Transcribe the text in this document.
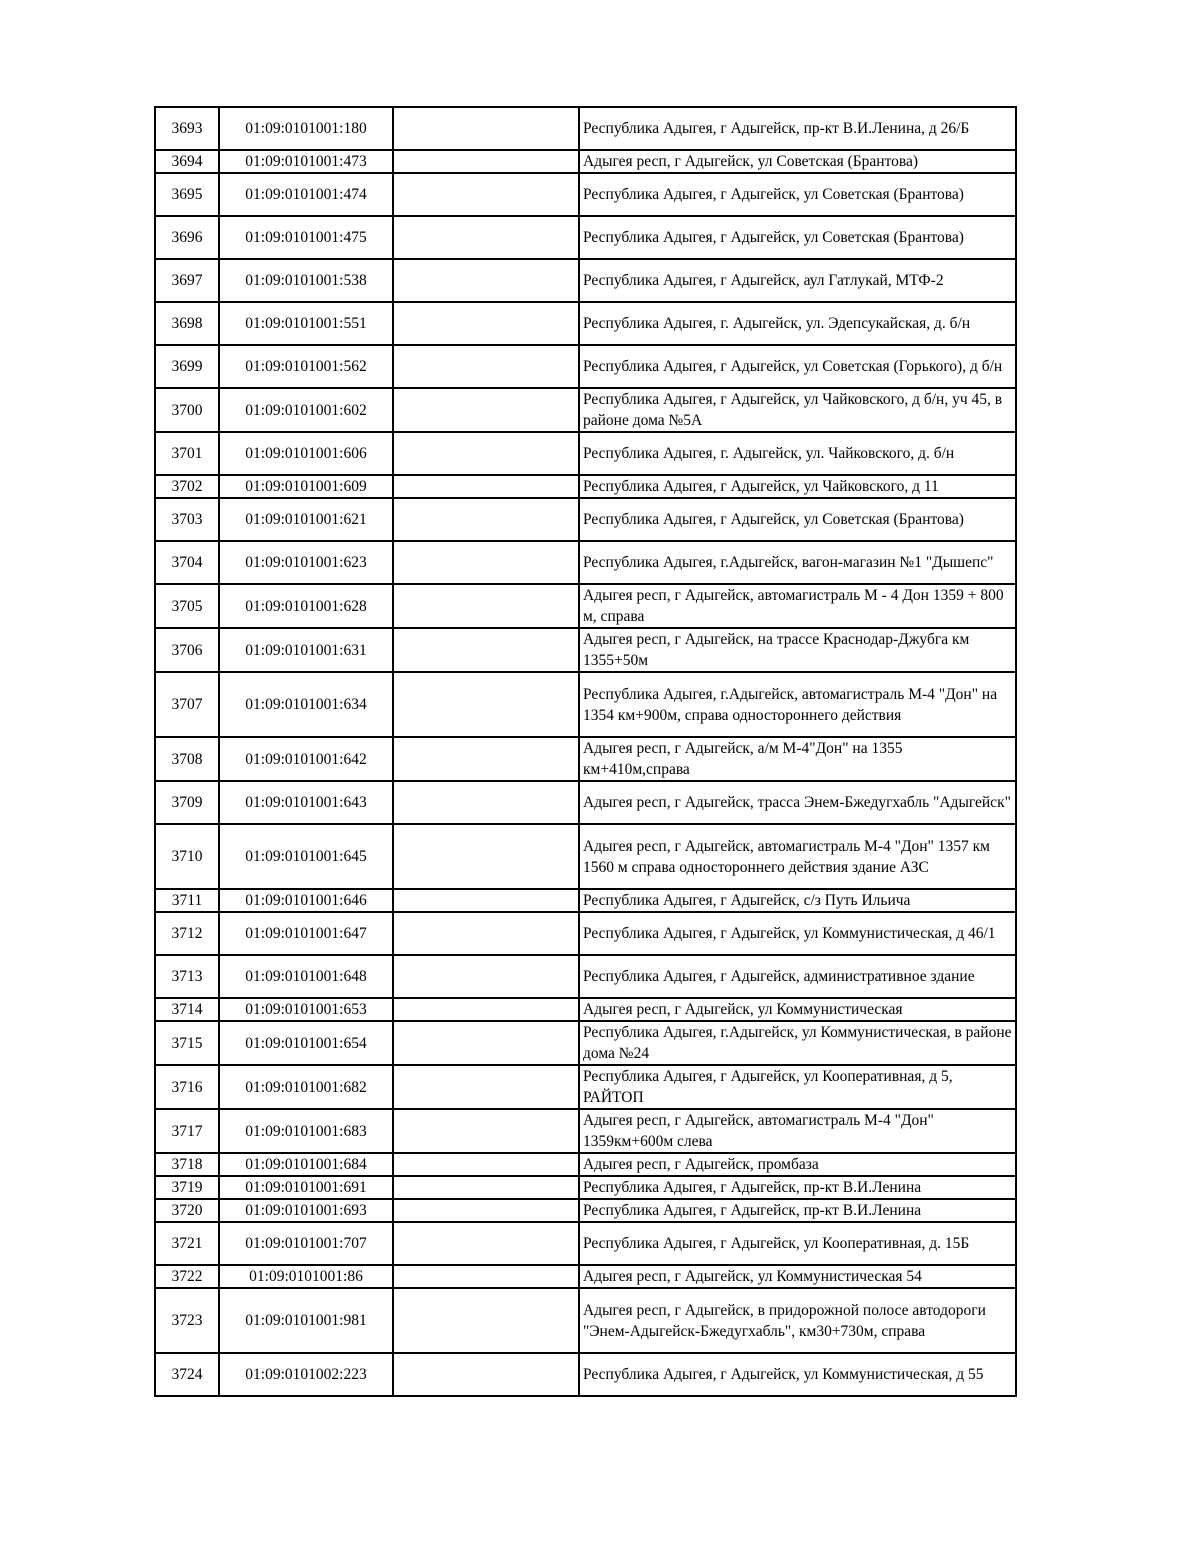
3693	01:09:0101001:180		Республика Адыгея, г Адыгейск, пр-кт В.И.Ленина, д 26/Б
3694	01:09:0101001:473		Адыгея респ, г Адыгейск, ул Советская (Брантова)
3695	01:09:0101001:474		Республика Адыгея, г Адыгейск, ул Советская (Брантова)
3696	01:09:0101001:475		Республика Адыгея, г Адыгейск, ул Советская (Брантова)
3697	01:09:0101001:538		Республика Адыгея, г Адыгейск, аул Гатлукай, МТФ-2
3698	01:09:0101001:551		Республика Адыгея, г. Адыгейск, ул. Эдепсукайская, д. б/н
3699	01:09:0101001:562		Республика Адыгея, г Адыгейск, ул Советская (Горького), д б/н
3700	01:09:0101001:602		Республика Адыгея, г Адыгейск, ул Чайковского, д б/н, уч 45, в районе дома №5А
3701	01:09:0101001:606		Республика Адыгея, г. Адыгейск, ул. Чайковского, д. б/н
3702	01:09:0101001:609		Республика Адыгея, г Адыгейск, ул Чайковского, д 11
3703	01:09:0101001:621		Республика Адыгея, г Адыгейск, ул Советская (Брантова)
3704	01:09:0101001:623		Республика Адыгея, г.Адыгейск, вагон-магазин №1 "Дышепс"
3705	01:09:0101001:628		Адыгея респ, г Адыгейск, автомагистраль М - 4 Дон 1359 + 800 м, справа
3706	01:09:0101001:631		Адыгея респ, г Адыгейск, на трассе Краснодар-Джубга км 1355+50м
3707	01:09:0101001:634		Республика Адыгея, г.Адыгейск, автомагистраль М-4 "Дон" на 1354 км+900м, справа одностороннего действия
3708	01:09:0101001:642		Адыгея респ, г Адыгейск, а/м М-4"Дон" на 1355 км+410м,справа
3709	01:09:0101001:643		Адыгея респ, г Адыгейск, трасса Энем-Бжедугхабль "Адыгейск"
3710	01:09:0101001:645		Адыгея респ, г Адыгейск, автомагистраль М-4 "Дон" 1357 км 1560 м справа одностороннего действия здание АЗС
3711	01:09:0101001:646		Республика Адыгея, г Адыгейск, с/з Путь Ильича
3712	01:09:0101001:647		Республика Адыгея, г Адыгейск, ул Коммунистическая, д 46/1
3713	01:09:0101001:648		Республика Адыгея, г Адыгейск, административное здание
3714	01:09:0101001:653		Адыгея респ, г Адыгейск, ул Коммунистическая
3715	01:09:0101001:654		Республика Адыгея, г.Адыгейск, ул Коммунистическая, в районе дома №24
3716	01:09:0101001:682		Республика Адыгея, г Адыгейск, ул Кооперативная, д 5, РАЙТОП
3717	01:09:0101001:683		Адыгея респ, г Адыгейск, автомагистраль М-4 "Дон" 1359км+600м слева
3718	01:09:0101001:684		Адыгея респ, г Адыгейск, промбаза
3719	01:09:0101001:691		Республика Адыгея, г Адыгейск, пр-кт В.И.Ленина
3720	01:09:0101001:693		Республика Адыгея, г Адыгейск, пр-кт В.И.Ленина
3721	01:09:0101001:707		Республика Адыгея, г Адыгейск, ул Кооперативная, д. 15Б
3722	01:09:0101001:86		Адыгея респ, г Адыгейск, ул Коммунистическая 54
3723	01:09:0101001:981		Адыгея респ, г Адыгейск, в придорожной полосе автодороги "Энем-Адыгейск-Бжедугхабль", км30+730м, справа
3724	01:09:0101002:223		Республика Адыгея, г Адыгейск, ул Коммунистическая, д 55
